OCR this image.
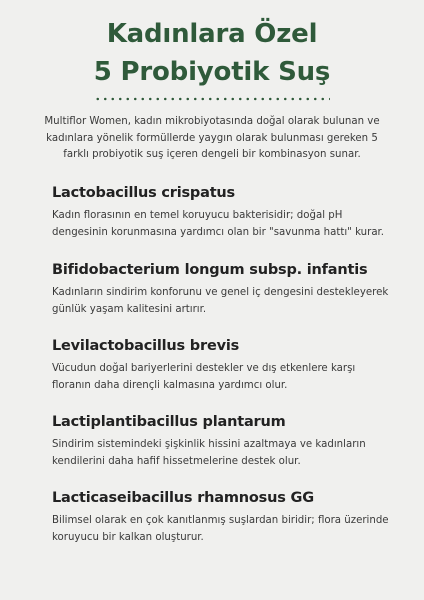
Kadınlara Özel
5 Probiyotik Suş
Multiflor Women, kadın mikrobiyotasında doğal olarak bulunan ve kadınlara yönelik formüllerde yaygın olarak bulunması gereken 5 farklı probiyotik suş içeren dengeli bir kombinasyon sunar.
Lactobacillus crispatus

Kadın florasının en temel koruyucu bakterisidir; doğal pH dengesinin korunmasına yardımcı olan bir "savunma hattı" kurar.

Bifidobacterium longum subsp. infantis

Kadınların sindirim konforunu ve genel iç dengesini destekleyerek günlük yaşam kalitesini artırır.

Levilactobacillus brevis

Vücudun doğal bariyerlerini destekler ve dış etkenlere karşı floranın daha dirençli kalmasına yardımcı olur.

Lactiplantibacillus plantarum

Sindirim sistemindeki şişkinlik hissini azaltmaya ve kadınların kendilerini daha hafif hissetmelerine destek olur.

Lacticaseibacillus rhamnosus GG

Bilimsel olarak en çok kanıtlanmış suşlardan biridir; flora üzerinde koruyucu bir kalkan oluşturur.
